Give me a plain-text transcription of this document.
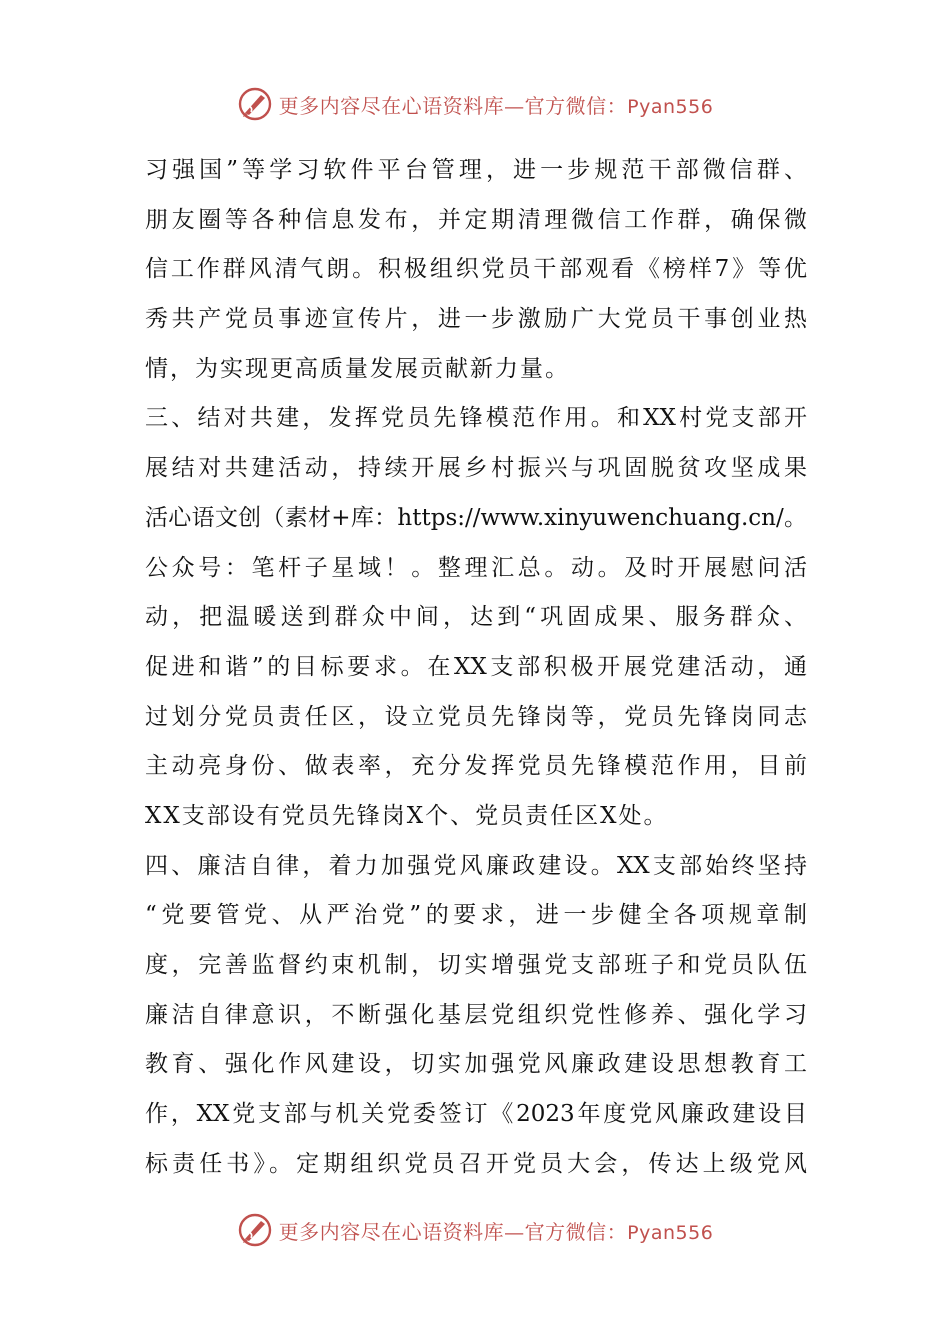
更多内容尽在心语资料库—官方微信：Pyan556
习强国”等学习软件平台管理，进一步规范干部微信群、
朋友圈等各种信息发布，并定期清理微信工作群，确保微
信工作群风清气朗。积极组织党员干部观看《榜样7》等优
秀共产党员事迹宣传片，进一步激励广大党员干事创业热
情，为实现更高质量发展贡献新力量。
三、结对共建，发挥党员先锋模范作用。和XX村党支部开
展结对共建活动，持续开展乡村振兴与巩固脱贫攻坚成果
活心语文创（素材+库：https://www.xinyuwenchuang.cn/。
公众号：笔杆子星域！。整理汇总。动。及时开展慰问活
动，把温暖送到群众中间，达到“巩固成果、服务群众、
促进和谐”的目标要求。在XX支部积极开展党建活动，通
过划分党员责任区，设立党员先锋岗等，党员先锋岗同志
主动亮身份、做表率，充分发挥党员先锋模范作用，目前
XX支部设有党员先锋岗X个、党员责任区X处。
四、廉洁自律，着力加强党风廉政建设。XX支部始终坚持
“党要管党、从严治党”的要求，进一步健全各项规章制
度，完善监督约束机制，切实增强党支部班子和党员队伍
廉洁自律意识，不断强化基层党组织党性修养、强化学习
教育、强化作风建设，切实加强党风廉政建设思想教育工
作，XX党支部与机关党委签订《2023年度党风廉政建设目
标责任书》。定期组织党员召开党员大会，传达上级党风
更多内容尽在心语资料库—官方微信：Pyan556
